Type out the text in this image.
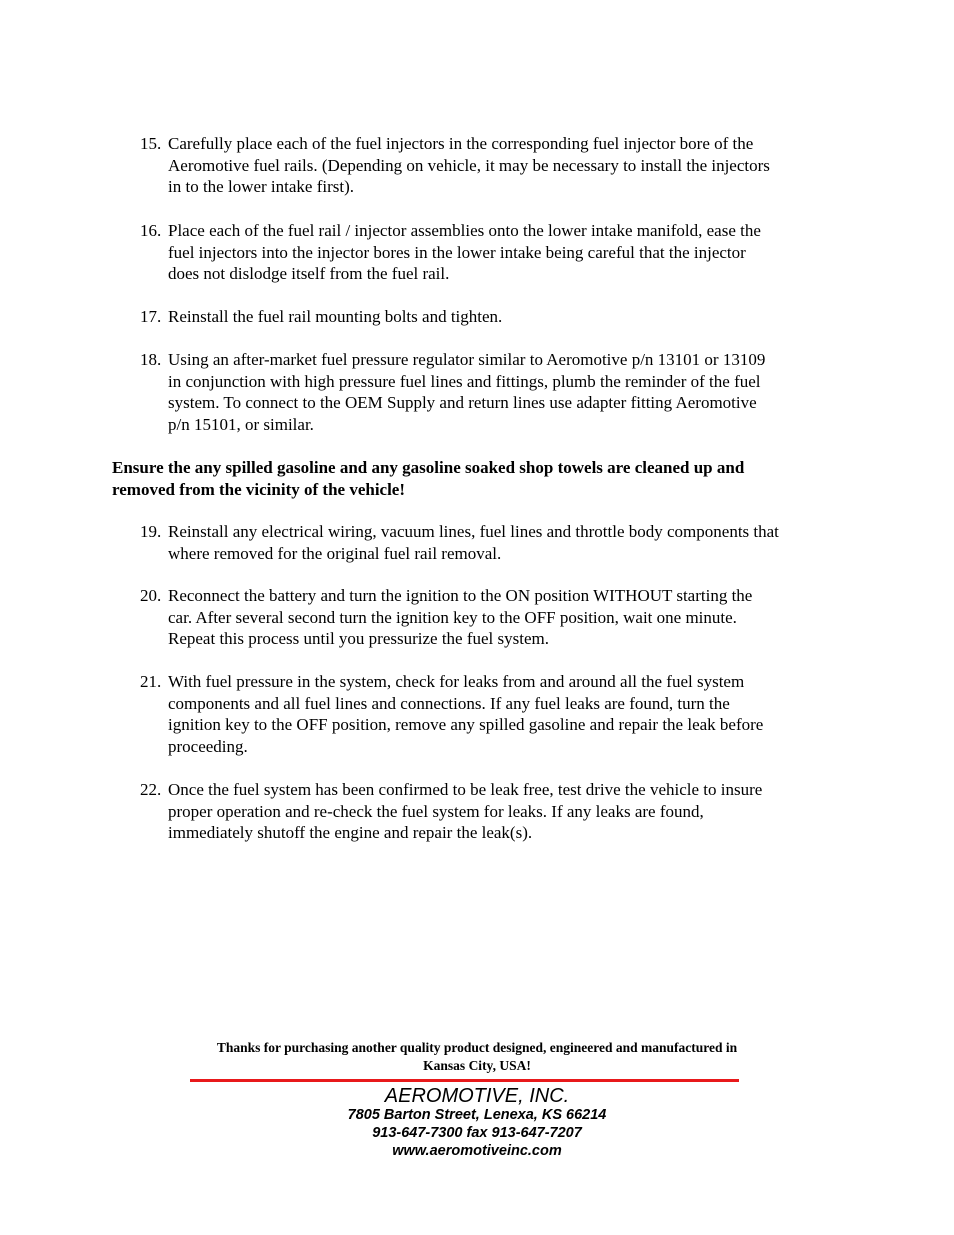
15. Carefully place each of the fuel injectors in the corresponding fuel injector bore of the
Aeromotive fuel rails. (Depending on vehicle, it may be necessary to install the injectors
in to the lower intake first).
16. Place each of the fuel rail / injector assemblies onto the lower intake manifold, ease the
fuel injectors into the injector bores in the lower intake being careful that the injector
does not dislodge itself from the fuel rail.
17. Reinstall the fuel rail mounting bolts and tighten.
18. Using an after-market fuel pressure regulator similar to Aeromotive p/n 13101 or 13109
in conjunction with high pressure fuel lines and fittings, plumb the reminder of the fuel
system. To connect to the OEM Supply and return lines use adapter fitting Aeromotive
p/n 15101, or similar.
Ensure the any spilled gasoline and any gasoline soaked shop towels are cleaned up and
removed from the vicinity of the vehicle!
19. Reinstall any electrical wiring, vacuum lines, fuel lines and throttle body components that
where removed for the original fuel rail removal.
20. Reconnect the battery and turn the ignition to the ON position WITHOUT starting the
car. After several second turn the ignition key to the OFF position, wait one minute.
Repeat this process until you pressurize the fuel system.
21. With fuel pressure in the system, check for leaks from and around all the fuel system
components and all fuel lines and connections. If any fuel leaks are found, turn the
ignition key to the OFF position, remove any spilled gasoline and repair the leak before
proceeding.
22. Once the fuel system has been confirmed to be leak free, test drive the vehicle to insure
proper operation and re-check the fuel system for leaks. If any leaks are found,
immediately shutoff the engine and repair the leak(s).
Thanks for purchasing another quality product designed, engineered and manufactured in
Kansas City, USA!
AEROMOTIVE, INC.
7805 Barton Street, Lenexa, KS 66214
913-647-7300 fax 913-647-7207
www.aeromotiveinc.com
